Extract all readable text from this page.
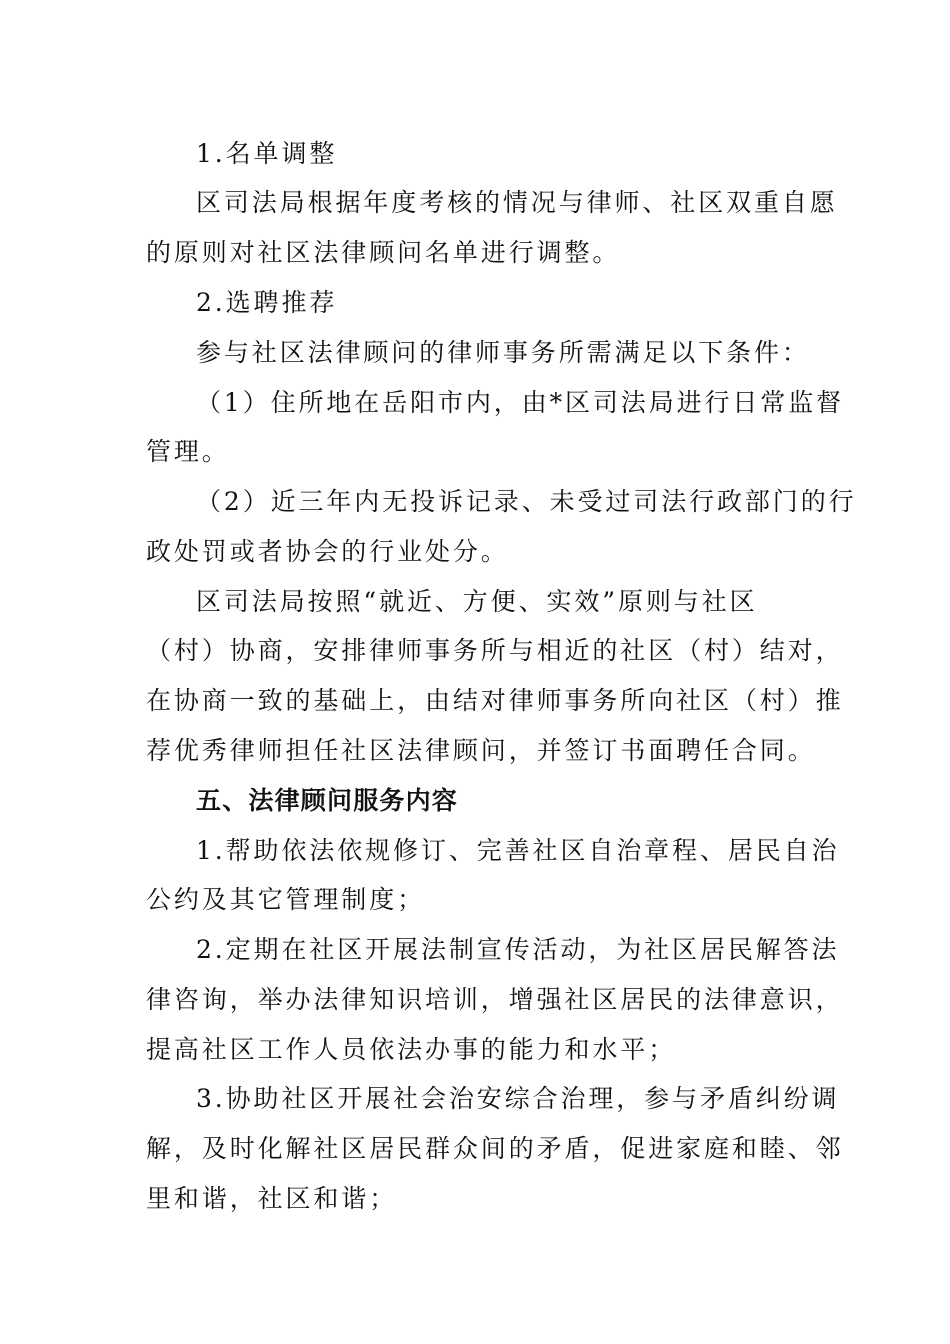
1.名单调整
区司法局根据年度考核的情况与律师、社区双重自愿
的原则对社区法律顾问名单进行调整。
2.选聘推荐
参与社区法律顾问的律师事务所需满足以下条件：
（1）住所地在岳阳市内，由*区司法局进行日常监督
管理。
（2）近三年内无投诉记录、未受过司法行政部门的行
政处罚或者协会的行业处分。
区司法局按照“就近、方便、实效”原则与社区
（村）协商，安排律师事务所与相近的社区（村）结对，
在协商一致的基础上，由结对律师事务所向社区（村）推
荐优秀律师担任社区法律顾问，并签订书面聘任合同。
五、法律顾问服务内容
1.帮助依法依规修订、完善社区自治章程、居民自治
公约及其它管理制度；
2.定期在社区开展法制宣传活动，为社区居民解答法
律咨询，举办法律知识培训，增强社区居民的法律意识，
提高社区工作人员依法办事的能力和水平；
3.协助社区开展社会治安综合治理，参与矛盾纠纷调
解，及时化解社区居民群众间的矛盾，促进家庭和睦、邻
里和谐，社区和谐；
